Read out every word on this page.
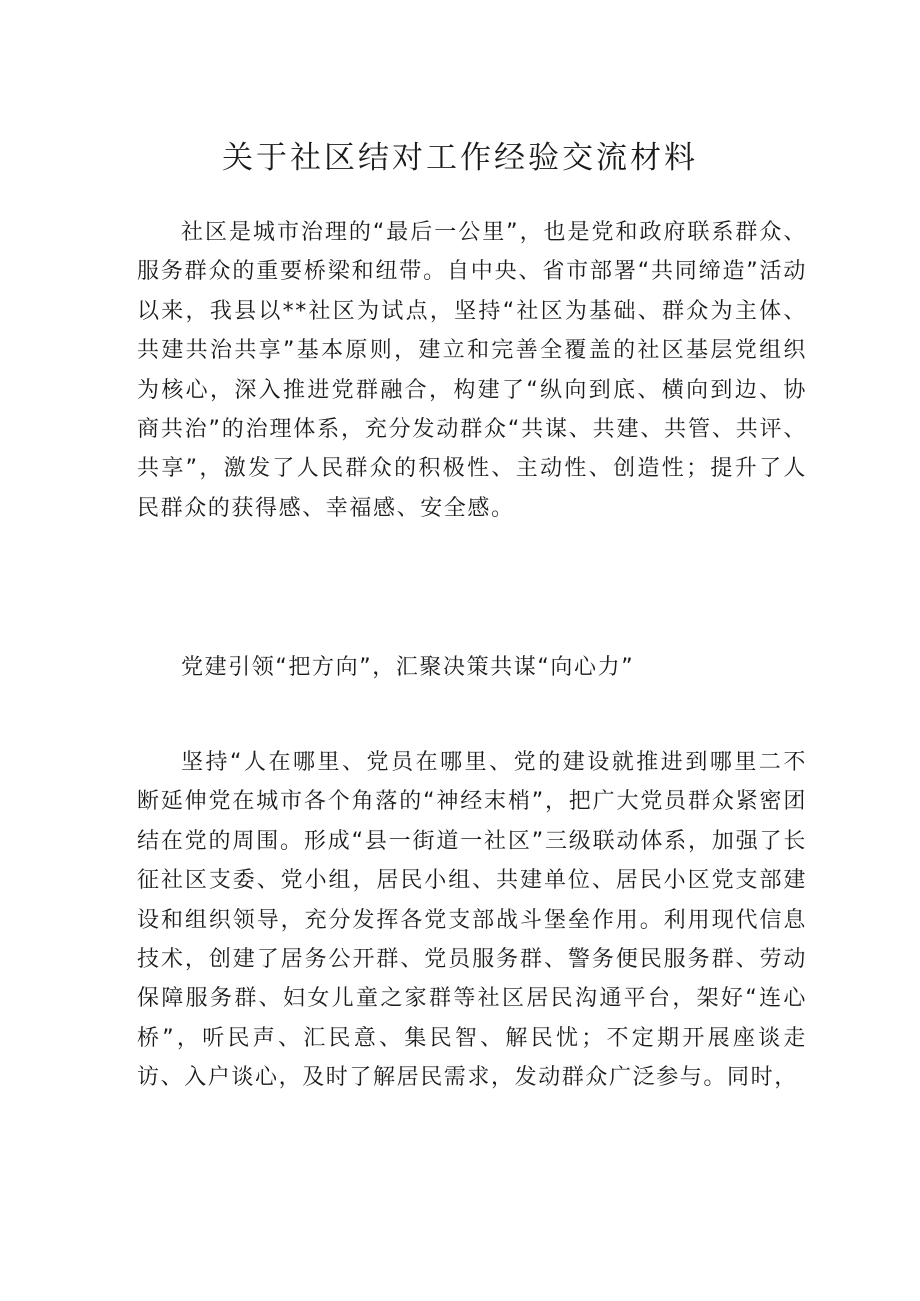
关于社区结对工作经验交流材料

社区是城市治理的“最后一公里”，也是党和政府联系群众、服务群众的重要桥梁和纽带。自中央、省市部署“共同缔造”活动以来，我县以**社区为试点，坚持“社区为基础、群众为主体、共建共治共享”基本原则，建立和完善全覆盖的社区基层党组织为核心，深入推进党群融合，构建了“纵向到底、横向到边、协商共治”的治理体系，充分发动群众“共谋、共建、共管、共评、共享”，激发了人民群众的积极性、主动性、创造性；提升了人民群众的获得感、幸福感、安全感。

党建引领“把方向”，汇聚决策共谋“向心力”

坚持“人在哪里、党员在哪里、党的建设就推进到哪里二不断延伸党在城市各个角落的“神经末梢”，把广大党员群众紧密团结在党的周围。形成“县一街道一社区”三级联动体系，加强了长征社区支委、党小组，居民小组、共建单位、居民小区党支部建设和组织领导，充分发挥各党支部战斗堡垒作用。利用现代信息技术，创建了居务公开群、党员服务群、警务便民服务群、劳动保障服务群、妇女儿童之家群等社区居民沟通平台，架好“连心桥”，听民声、汇民意、集民智、解民忧；不定期开展座谈走访、入户谈心，及时了解居民需求，发动群众广泛参与。同时，
